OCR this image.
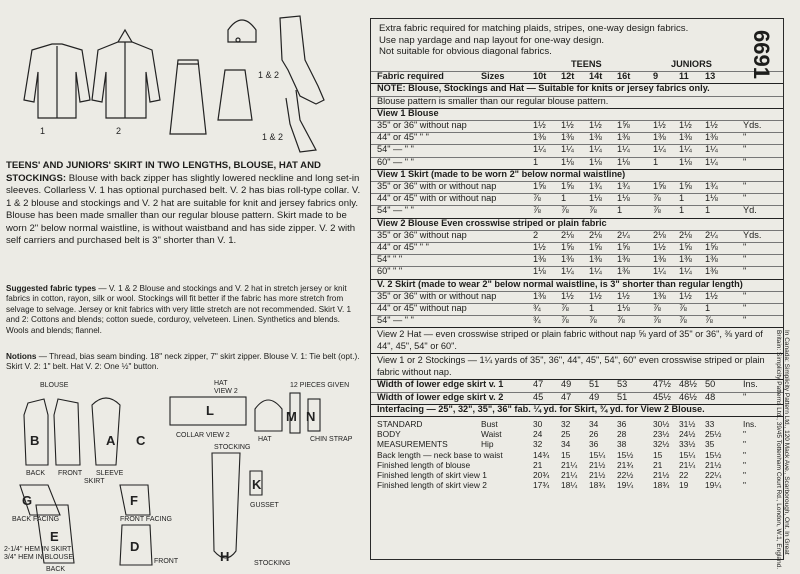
1	2
1 & 2
1 & 2
TEENS' AND JUNIORS' SKIRT IN TWO LENGTHS, BLOUSE, HAT AND STOCKINGS: Blouse with back zipper has slightly lowered neckline and long set-in sleeves. Collarless V. 1 has optional purchased belt. V. 2 has bias roll-type collar. V. 1 & 2 blouse and stockings and V. 2 hat are suitable for knit and jersey fabrics only. Blouse has been made smaller than our regular blouse pattern. Skirt made to be worn 2" below normal waistline, is without waistband and has side zipper. V. 2 with self carriers and purchased belt is 3" shorter than V. 1.
Suggested fabric types — V. 1 & 2 Blouse and stockings and V. 2 hat in stretch jersey or knit fabrics in cotton, rayon, silk or wool. Stockings will fit better if the fabric has more stretch from selvage to selvage. Jersey or knit fabrics with very little stretch are not recommended. Skirt V. 1 and 2: Cottons and blends; cotton suede, corduroy, velveteen. Linen. Synthetics and blends. Wools and blends; flannel.
Notions — Thread, bias seam binding. 18" neck zipper, 7" skirt zipper. Blouse V. 1: Tie belt (opt.). Skirt V. 2: 1" belt. Hat V. 2: One ½" button.
BLOUSE	HAT
VIEW 2
12 PIECES GIVEN
COLLAR VIEW 2
HAT	CHIN STRAP
BACK FRONT SLEEVE
STOCKING
SKIRT
GUSSET
BACK FACING	FRONT FACING
BACK
FRONT	STOCKING
2-1/4" HEM IN SKIRT
3/4" HEM IN BLOUSE
A
B	C
D
E
F
G
H
K
L	M N
Extra fabric required for matching plaids, stripes, one-way design fabrics.
Use nap yardage and nap layout for one-way design.
Not suitable for obvious diagonal fabrics.
TEENS	JUNIORS
Fabric required	Sizes	10t 12t 14t 16t 9 11 13
NOTE: Blouse, Stockings and Hat — Suitable for knits or jersey fabrics only.
Blouse pattern is smaller than our regular blouse pattern.
View 1 Blouse
35" or 36" without nap	1½ 1½ 1½ 1⅝	1½ 1½ 1½	Yds.
44" or 45" " "	1⅜ 1⅜ 1⅜ 1⅜	1⅜ 1⅜ 1⅜	"
54" — " "	1¼ 1¼ 1¼ 1¼	1¼ 1¼ 1¼	"
60" — " "	1 1⅛ 1⅛ 1⅛	1 1⅛ 1¼	"
View 1 Skirt (made to be worn 2" below normal waistline)
35" or 36" with or without nap	1⅝ 1⅝ 1¾ 1¾	1⅝ 1⅝ 1¾	"
44" or 45" with or without nap	⅞ 1 1⅛ 1⅛	⅞ 1 1⅛	"
54" — " "	⅞ ⅞ ⅞ 1	⅞ 1 1	Yd.
View 2 Blouse Even crosswise striped or plain fabric
35" or 36" without nap	2 2⅛ 2⅛ 2¼	2⅛ 2⅛ 2¼	Yds.
44" or 45" " "	1½ 1⅝ 1⅝ 1⅝	1½ 1⅝ 1⅝	"
54" " "	1⅜ 1⅜ 1⅜ 1⅜	1⅜ 1⅜ 1⅜	"
60" " "	1⅛ 1¼ 1¼ 1⅜	1¼ 1¼ 1⅜	"
V. 2 Skirt (made to wear 2" below normal waistline, is 3" shorter than regular length)
35" or 36" with or without nap	1⅜ 1½ 1½ 1½	1⅜ 1½ 1½	"
44" or 45" without nap	¾ ⅞ 1 1⅛	⅞ ⅞ 1	"
54" — " "	¾ ⅞ ⅞ ⅞	⅞ ⅞ ⅞	"
View 2 Hat — even crosswise striped or plain fabric without nap ⅝ yard of 35" or 36", ⅜ yard of 44", 45", 54" or 60".
View 1 or 2 Stockings — 1¼ yards of 35", 36", 44", 45", 54", 60" even crosswise striped or plain fabric without nap.
Width of lower edge skirt v. 1	47 49 51 53	47½ 48½ 50	Ins.
Width of lower edge skirt v. 2	45 47 49 51	45½ 46½ 48	"
Interfacing — 25", 32", 35", 36" fab. ¼ yd. for Skirt, ¾ yd. for View 2 Blouse.
STANDARD	Bust	30 32 34 36	30½ 31½ 33	Ins.
BODY	Waist	24 25 26 28	23½ 24½ 25½	"
MEASUREMENTS	Hip	32 34 36 38	32½ 33½ 35	"
Back length — neck base to waist	14¾ 15 15¼ 15½ 15 15¼ 15½	"
Finished length of blouse	21 21¼ 21½ 21¾ 21 21¼ 21½	"
Finished length of skirt view 1	20¾ 21¼ 21½ 22½ 21½ 22 22¼	"
Finished length of skirt view 2	17¾ 18¼ 18¾ 19¼ 18¾ 19 19¼	"
6691
In Canada: Simplicity Pattern Ltd., 120 Mack Ave., Scarborough, Ont. In Great Britain: Simplicity Patterns Ltd., 39/45 Tottenham Court Rd., London, W.1, England.
